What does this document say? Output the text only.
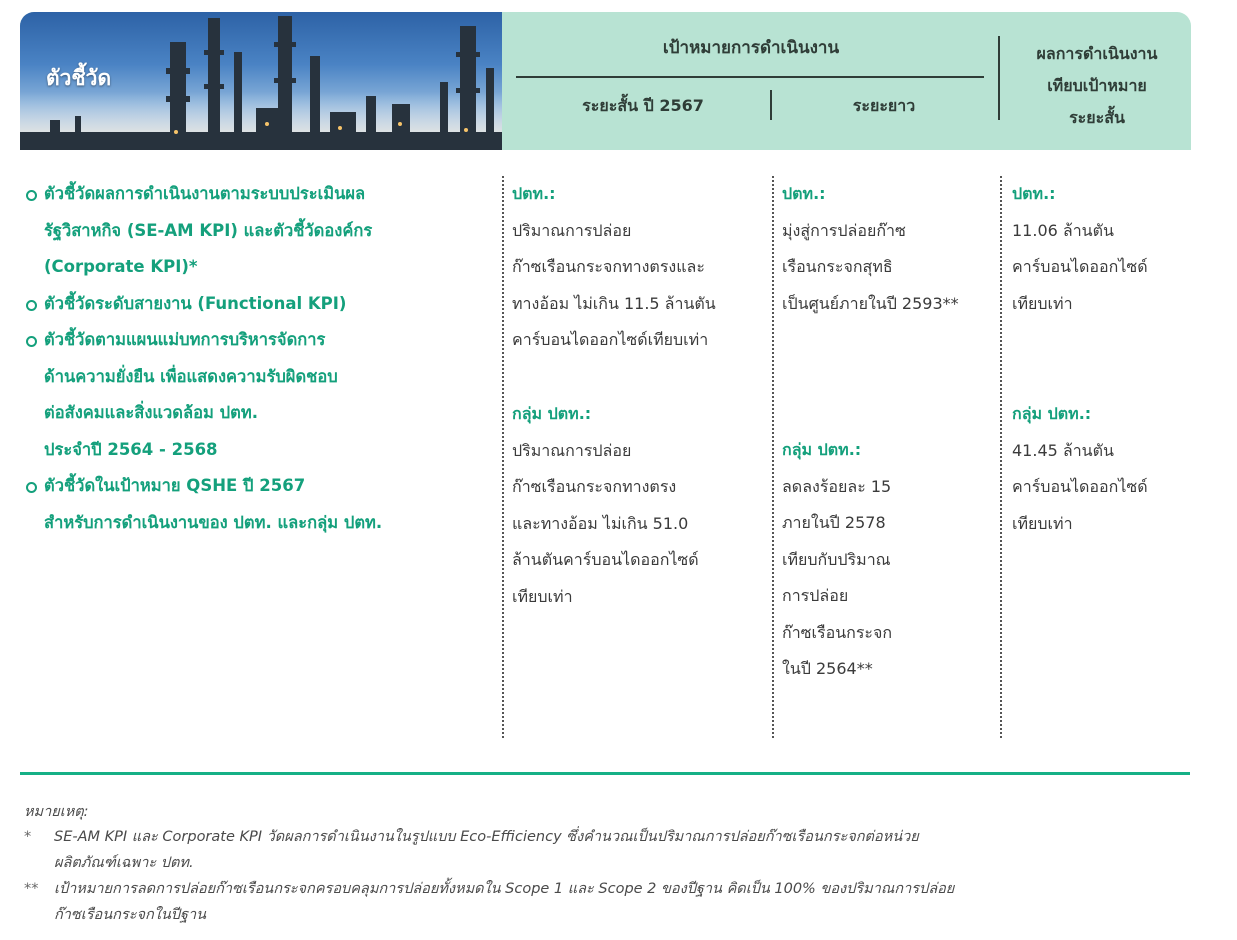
ตัวชี้วัด
เป้าหมายการดำเนินงาน
ระยะสั้น ปี 2567	ระยะยาว
ผลการดำเนินงาน
เทียบเป้าหมาย
ระยะสั้น
ตัวชี้วัดผลการดำเนินงานตามระบบประเมินผล
รัฐวิสาหกิจ (SE-AM KPI) และตัวชี้วัดองค์กร
(Corporate KPI)*
ตัวชี้วัดระดับสายงาน (Functional KPI)
ตัวชี้วัดตามแผนแม่บทการบริหารจัดการ
ด้านความยั่งยืน เพื่อแสดงความรับผิดชอบ
ต่อสังคมและสิ่งแวดล้อม ปตท.
ประจำปี 2564 - 2568
ตัวชี้วัดในเป้าหมาย QSHE ปี 2567
สำหรับการดำเนินงานของ ปตท. และกลุ่ม ปตท.
ปตท.:
ปริมาณการปล่อย
ก๊าซเรือนกระจกทางตรงและ
ทางอ้อม ไม่เกิน 11.5 ล้านตัน
คาร์บอนไดออกไซด์เทียบเท่า
กลุ่ม ปตท.:
ปริมาณการปล่อย
ก๊าซเรือนกระจกทางตรง
และทางอ้อม ไม่เกิน 51.0
ล้านตันคาร์บอนไดออกไซด์
เทียบเท่า
ปตท.:
มุ่งสู่การปล่อยก๊าซ
เรือนกระจกสุทธิ
เป็นศูนย์ภายในปี 2593**
กลุ่ม ปตท.:
ลดลงร้อยละ 15
ภายในปี 2578
เทียบกับปริมาณ
การปล่อย
ก๊าซเรือนกระจก
ในปี 2564**
ปตท.:
11.06 ล้านตัน
คาร์บอนไดออกไซด์
เทียบเท่า
กลุ่ม ปตท.:
41.45 ล้านตัน
คาร์บอนไดออกไซด์
เทียบเท่า
หมายเหตุ:
* SE-AM KPI และ Corporate KPI วัดผลการดำเนินงานในรูปแบบ Eco-Efficiency ซึ่งคำนวณเป็นปริมาณการปล่อยก๊าซเรือนกระจกต่อหน่วย
ผลิตภัณฑ์เฉพาะ ปตท.
** เป้าหมายการลดการปล่อยก๊าซเรือนกระจกครอบคลุมการปล่อยทั้งหมดใน Scope 1 และ Scope 2 ของปีฐาน คิดเป็น 100% ของปริมาณการปล่อย
ก๊าซเรือนกระจกในปีฐาน
